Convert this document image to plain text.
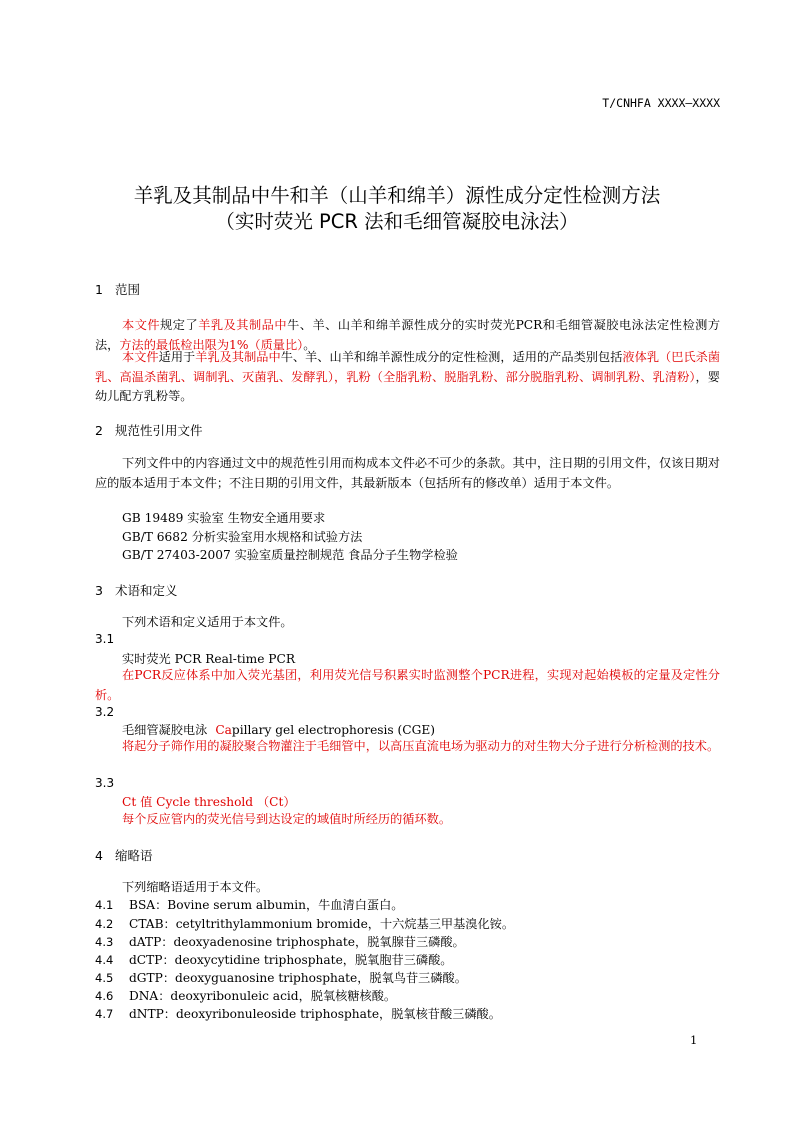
T/CNHFA XXXX—XXXX
羊乳及其制品中牛和羊（山羊和绵羊）源性成分定性检测方法
（实时荧光 PCR 法和毛细管凝胶电泳法）
1 范围
本文件规定了羊乳及其制品中牛、羊、山羊和绵羊源性成分的实时荧光PCR和毛细管凝胶电泳法定性检测方法，方法的最低检出限为1%（质量比）。
本文件适用于羊乳及其制品中牛、羊、山羊和绵羊源性成分的定性检测，适用的产品类别包括液体乳（巴氏杀菌乳、高温杀菌乳、调制乳、灭菌乳、发酵乳），乳粉（全脂乳粉、脱脂乳粉、部分脱脂乳粉、调制乳粉、乳清粉），婴幼儿配方乳粉等。
2 规范性引用文件
下列文件中的内容通过文中的规范性引用而构成本文件必不可少的条款。其中，注日期的引用文件，仅该日期对应的版本适用于本文件；不注日期的引用文件，其最新版本（包括所有的修改单）适用于本文件。
GB 19489 实验室 生物安全通用要求
GB/T 6682 分析实验室用水规格和试验方法
GB/T 27403-2007 实验室质量控制规范 食品分子生物学检验
3 术语和定义
下列术语和定义适用于本文件。
3.1
实时荧光 PCR Real-time PCR
在PCR反应体系中加入荧光基团，利用荧光信号积累实时监测整个PCR进程，实现对起始模板的定量及定性分析。
3.2
毛细管凝胶电泳 Capillary gel electrophoresis (CGE)
将起分子筛作用的凝胶聚合物灌注于毛细管中，以高压直流电场为驱动力的对生物大分子进行分析检测的技术。
3.3
Ct 值 Cycle threshold （Ct）
每个反应管内的荧光信号到达设定的域值时所经历的循环数。
4 缩略语
下列缩略语适用于本文件。
4.1 BSA：Bovine serum albumin，牛血清白蛋白。
4.2 CTAB：cetyltrithylammonium bromide，十六烷基三甲基溴化铵。
4.3 dATP：deoxyadenosine triphosphate，脱氧腺苷三磷酸。
4.4 dCTP：deoxycytidine triphosphate，脱氧胞苷三磷酸。
4.5 dGTP：deoxyguanosine triphosphate，脱氧鸟苷三磷酸。
4.6 DNA：deoxyribonuleic acid，脱氧核糖核酸。
4.7 dNTP：deoxyribonuleoside triphosphate，脱氧核苷酸三磷酸。
1
